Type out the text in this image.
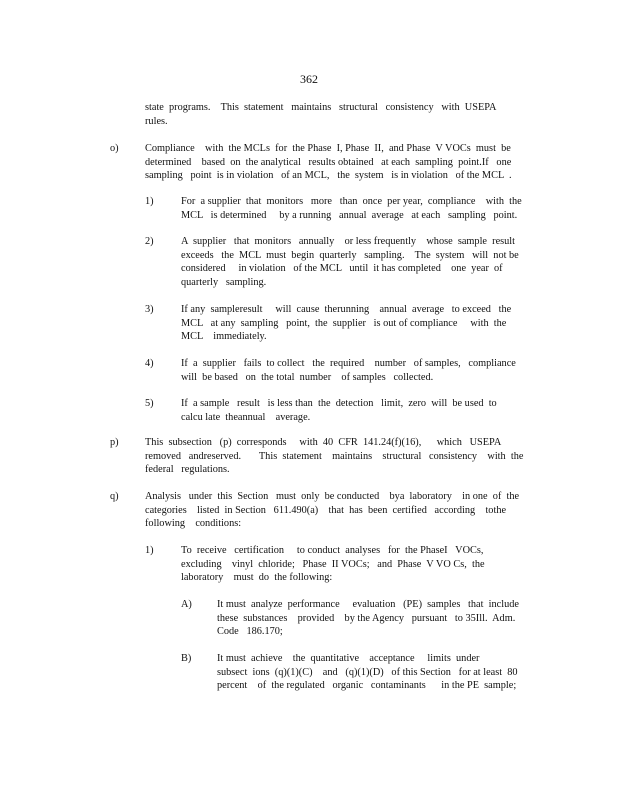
362
state  programs.    This  statement   maintains   structural   consistency   with  USEPA
rules.
o)	Compliance    with  the MCLs  for  the Phase  I, Phase  II,  and Phase  V VOCs  must  be
determined    based  on  the analytical   results obtained   at each  sampling  point.If   one
sampling   point  is in violation   of an MCL,   the  system   is in violation   of the MCL  .
1)	For  a supplier  that  monitors   more   than  once  per year,  compliance    with  the
MCL   is determined     by a running   annual  average   at each   sampling   point.
2)	A  supplier   that  monitors   annually    or less frequently    whose  sample  result
exceeds   the  MCL  must  begin  quarterly   sampling.    The  system   will  not be
considered     in violation   of the MCL   until  it has completed    one  year  of
quarterly   sampling.
3)	If any  sampleresult     will  cause  therunning    annual  average   to exceed   the
MCL   at any  sampling   point,  the  supplier   is out of compliance     with  the
MCL    immediately.
4)	If  a  supplier   fails  to collect   the  required    number   of samples,   compliance
will  be based   on  the total  number    of samples   collected.
5)	If  a sample   result   is less than  the  detection   limit,  zero  will  be used  to
calcu late  theannual    average.
p)	This  subsection   (p)  corresponds     with  40  CFR  141.24(f)(16),      which   USEPA
removed   andreserved.       This  statement    maintains    structural   consistency    with  the
federal   regulations.
q)	Analysis   under  this  Section   must  only  be conducted    bya  laboratory    in one  of  the
categories    listed  in Section   611.490(a)    that  has  been  certified   according    tothe
following    conditions:
1)	To  receive   certification     to conduct  analyses   for  the PhaseI   VOCs,
excluding    vinyl  chloride;   Phase  II VOCs;   and  Phase  V VO Cs,  the
laboratory    must  do  the following:
A) It must  analyze  performance     evaluation   (PE)  samples   that  include
these  substances    provided    by the Agency   pursuant   to 35Ill.  Adm.
Code   186.170;
B) It must  achieve    the  quantitative    acceptance     limits  under
subsect  ions  (q)(1)(C)    and   (q)(1)(D)   of this Section   for at least  80
percent    of  the regulated   organic   contaminants      in the PE  sample;
